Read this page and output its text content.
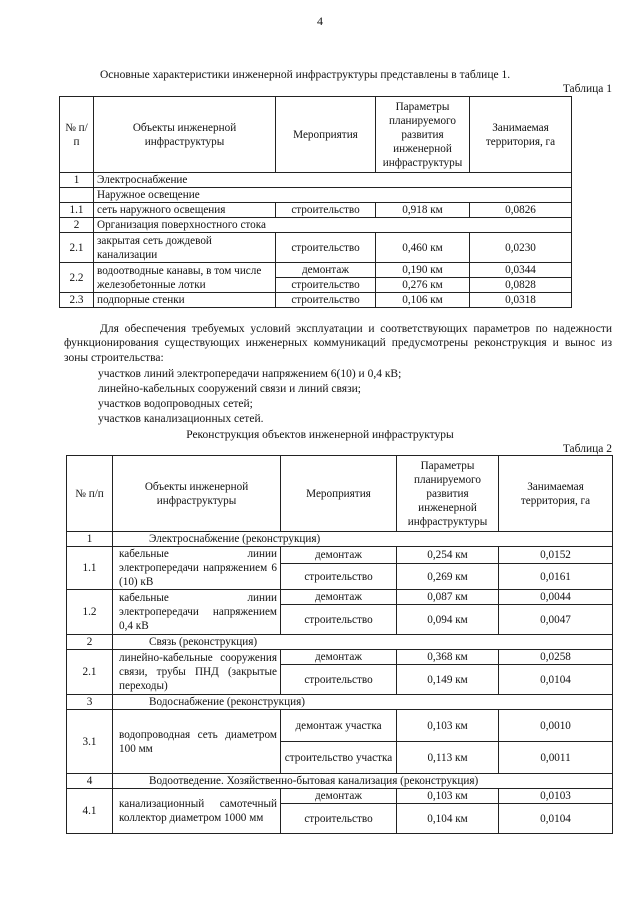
4
Основные характеристики инженерной инфраструктуры представлены в таблице 1.
Таблица 1
№ п/п	Объекты инженерной инфраструктуры	Мероприятия	Параметры планируемого развития инженерной инфраструктуры	Занимаемая территория, га
1	Электроснабжение			
	Наружное освещение			
1.1	сеть наружного освещения	строительство	0,918 км	0,0826
2	Организация поверхностного стока			
2.1	закрытая сеть дождевой канализации	строительство	0,460 км	0,0230
2.2	водоотводные канавы, в том числе железобетонные лотки	демонтаж	0,190 км	0,0344
		строительство	0,276 км	0,0828
2.3	подпорные стенки	строительство	0,106 км	0,0318
Для обеспечения требуемых условий эксплуатации и соответствующих параметров по надежности функционирования существующих инженерных коммуникаций предусмотрены реконструкция и вынос из зоны строительства:
участков линий электропередачи напряжением 6(10) и 0,4 кВ;
линейно-кабельных сооружений связи и линий связи;
участков водопроводных сетей;
участков канализационных сетей.
Реконструкция объектов инженерной инфраструктуры
Таблица 2
№ п/п	Объекты инженерной инфраструктуры	Мероприятия	Параметры планируемого развития инженерной инфраструктуры	Занимаемая территория, га
1	Электроснабжение (реконструкция)			
1.1	кабельные линии электропередачи напряжением 6 (10) кВ	демонтаж	0,254 км	0,0152
		строительство	0,269 км	0,0161
1.2	кабельные линии электропередачи напряжением 0,4 кВ	демонтаж	0,087 км	0,0044
		строительство	0,094 км	0,0047
2	Связь (реконструкция)			
2.1	линейно-кабельные сооружения связи, трубы ПНД (закрытые переходы)	демонтаж	0,368 км	0,0258
		строительство	0,149 км	0,0104
3	Водоснабжение (реконструкция)			
3.1	водопроводная сеть диаметром 100 мм	демонтаж участка	0,103 км	0,0010
		строительство участка	0,113 км	0,0011
4	Водоотведение. Хозяйственно-бытовая канализация (реконструкция)			
4.1	канализационный самотечный коллектор диаметром 1000 мм	демонтаж	0,103 км	0,0103
		строительство	0,104 км	0,0104
